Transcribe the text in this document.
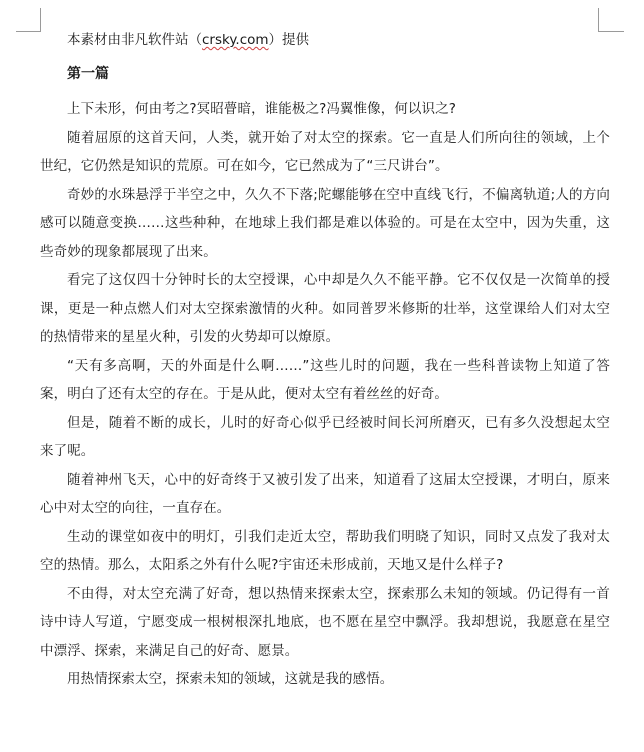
本素材由非凡软件站（crsky.com）提供

第一篇

上下未形，何由考之?冥昭瞢暗，谁能极之?冯翼惟像，何以识之?

随着屈原的这首天问，人类，就开始了对太空的探索。它一直是人们所向往的领域，上个世纪，它仍然是知识的荒原。可在如今，它已然成为了“三尺讲台”。

奇妙的水珠悬浮于半空之中，久久不下落;陀螺能够在空中直线飞行，不偏离轨道;人的方向感可以随意变换……这些种种，在地球上我们都是难以体验的。可是在太空中，因为失重，这些奇妙的现象都展现了出来。

看完了这仅四十分钟时长的太空授课，心中却是久久不能平静。它不仅仅是一次简单的授课，更是一种点燃人们对太空探索激情的火种。如同普罗米修斯的壮举，这堂课给人们对太空的热情带来的星星火种，引发的火势却可以燎原。

“天有多高啊，天的外面是什么啊……”这些儿时的问题，我在一些科普读物上知道了答案，明白了还有太空的存在。于是从此，便对太空有着丝丝的好奇。

但是，随着不断的成长，儿时的好奇心似乎已经被时间长河所磨灭，已有多久没想起太空来了呢。

随着神州飞天，心中的好奇终于又被引发了出来，知道看了这届太空授课，才明白，原来心中对太空的向往，一直存在。

生动的课堂如夜中的明灯，引我们走近太空，帮助我们明晓了知识，同时又点发了我对太空的热情。那么，太阳系之外有什么呢?宇宙还未形成前，天地又是什么样子?

不由得，对太空充满了好奇，想以热情来探索太空，探索那么未知的领域。仍记得有一首诗中诗人写道，宁愿变成一根树根深扎地底，也不愿在星空中飘浮。我却想说，我愿意在星空中漂浮、探索，来满足自己的好奇、愿景。

用热情探索太空，探索未知的领域，这就是我的感悟。
